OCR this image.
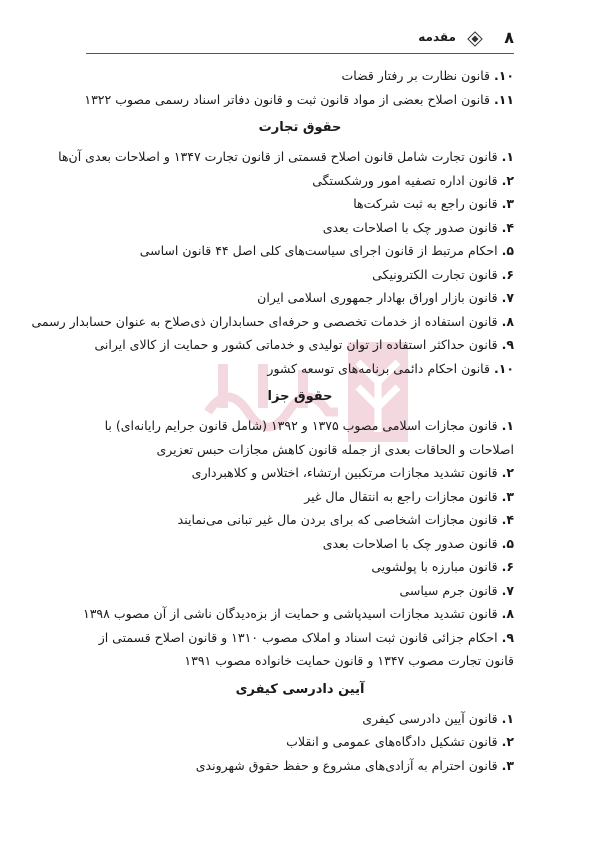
۸
مقدمه
۱۰.قانون نظارت بر رفتار قضات
۱۱.قانون اصلاح بعضی از مواد قانون ثبت و قانون دفاتر اسناد رسمی مصوب ۱۳۲۲
حقوق تجارت
۱.قانون تجارت شامل قانون اصلاح قسمتی از قانون تجارت ۱۳۴۷ و اصلاحات بعدی آن‌ها
۲.قانون اداره تصفیه امور ورشکستگی
۳.قانون راجع به ثبت شرکت‌ها
۴.قانون صدور چک با اصلاحات بعدی
۵.احکام مرتبط از قانون اجرای سیاست‌های کلی اصل ۴۴ قانون اساسی
۶.قانون تجارت الکترونیکی
۷.قانون بازار اوراق بهادار جمهوری اسلامی ایران
۸.قانون استفاده از خدمات تخصصی و حرفه‌ای حسابداران ذی‌صلاح به عنوان حسابدار رسمی
۹.قانون حداکثر استفاده از توان تولیدی و خدماتی کشور و حمایت از کالای ایرانی
۱۰.قانون احکام دائمی برنامه‌های توسعه کشور
حقوق جزا
۱.قانون مجازات اسلامی مصوب ۱۳۷۵ و ۱۳۹۲ (شامل قانون جرایم رایانه‌ای) با اصلاحات و الحاقات بعدی از جمله قانون کاهش مجازات حبس تعزیری
۲.قانون تشدید مجازات مرتکبین ارتشاء، اختلاس و کلاهبرداری
۳.قانون مجازات راجع به انتقال مال غیر
۴.قانون مجازات اشخاصی که برای بردن مال غیر تبانی می‌نمایند
۵.قانون صدور چک با اصلاحات بعدی
۶.قانون مبارزه با پولشویی
۷.قانون جرم سیاسی
۸.قانون تشدید مجازات اسیدپاشی و حمایت از بزه‌دیدگان ناشی از آن مصوب ۱۳۹۸
۹.احکام جزائی قانون ثبت اسناد و املاک مصوب ۱۳۱۰ و قانون اصلاح قسمتی از قانون تجارت مصوب ۱۳۴۷ و قانون حمایت خانواده مصوب ۱۳۹۱
آیین دادرسی کیفری
۱.قانون آیین دادرسی کیفری
۲.قانون تشکیل دادگاه‌های عمومی و انقلاب
۳.قانون احترام به آزادی‌های مشروع و حفظ حقوق شهروندی
